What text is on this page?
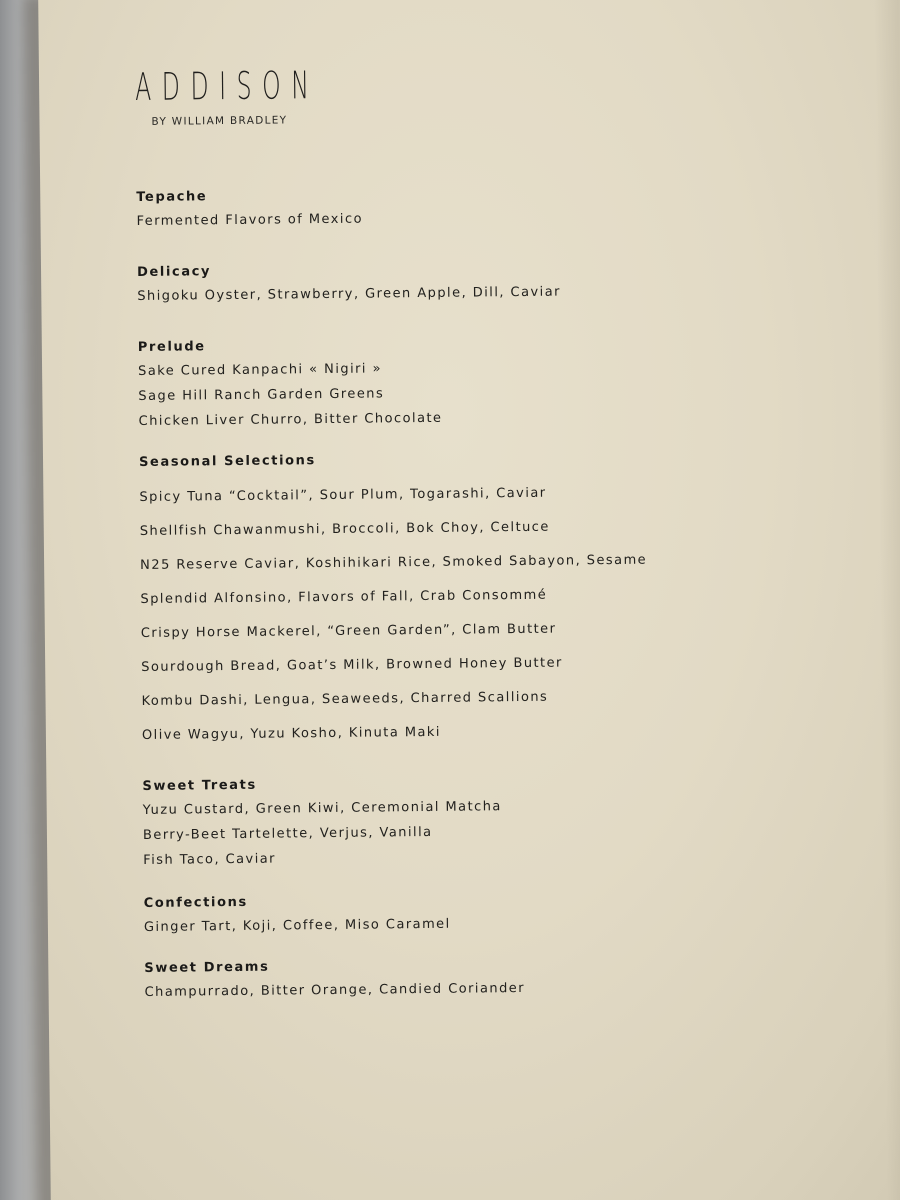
ADDISON
BY WILLIAM BRADLEY
Tepache
Fermented Flavors of Mexico
Delicacy
Shigoku Oyster, Strawberry, Green Apple, Dill, Caviar
Prelude
Sake Cured Kanpachi « Nigiri »
Sage Hill Ranch Garden Greens
Chicken Liver Churro, Bitter Chocolate
Seasonal Selections
Spicy Tuna “Cocktail”, Sour Plum, Togarashi, Caviar
Shellfish Chawanmushi, Broccoli, Bok Choy, Celtuce
N25 Reserve Caviar, Koshihikari Rice, Smoked Sabayon, Sesame
Splendid Alfonsino, Flavors of Fall, Crab Consommé
Crispy Horse Mackerel, “Green Garden”, Clam Butter
Sourdough Bread, Goat’s Milk, Browned Honey Butter
Kombu Dashi, Lengua, Seaweeds, Charred Scallions
Olive Wagyu, Yuzu Kosho, Kinuta Maki
Sweet Treats
Yuzu Custard, Green Kiwi, Ceremonial Matcha
Berry-Beet Tartelette, Verjus, Vanilla
Fish Taco, Caviar
Confections
Ginger Tart, Koji, Coffee, Miso Caramel
Sweet Dreams
Champurrado, Bitter Orange, Candied Coriander
